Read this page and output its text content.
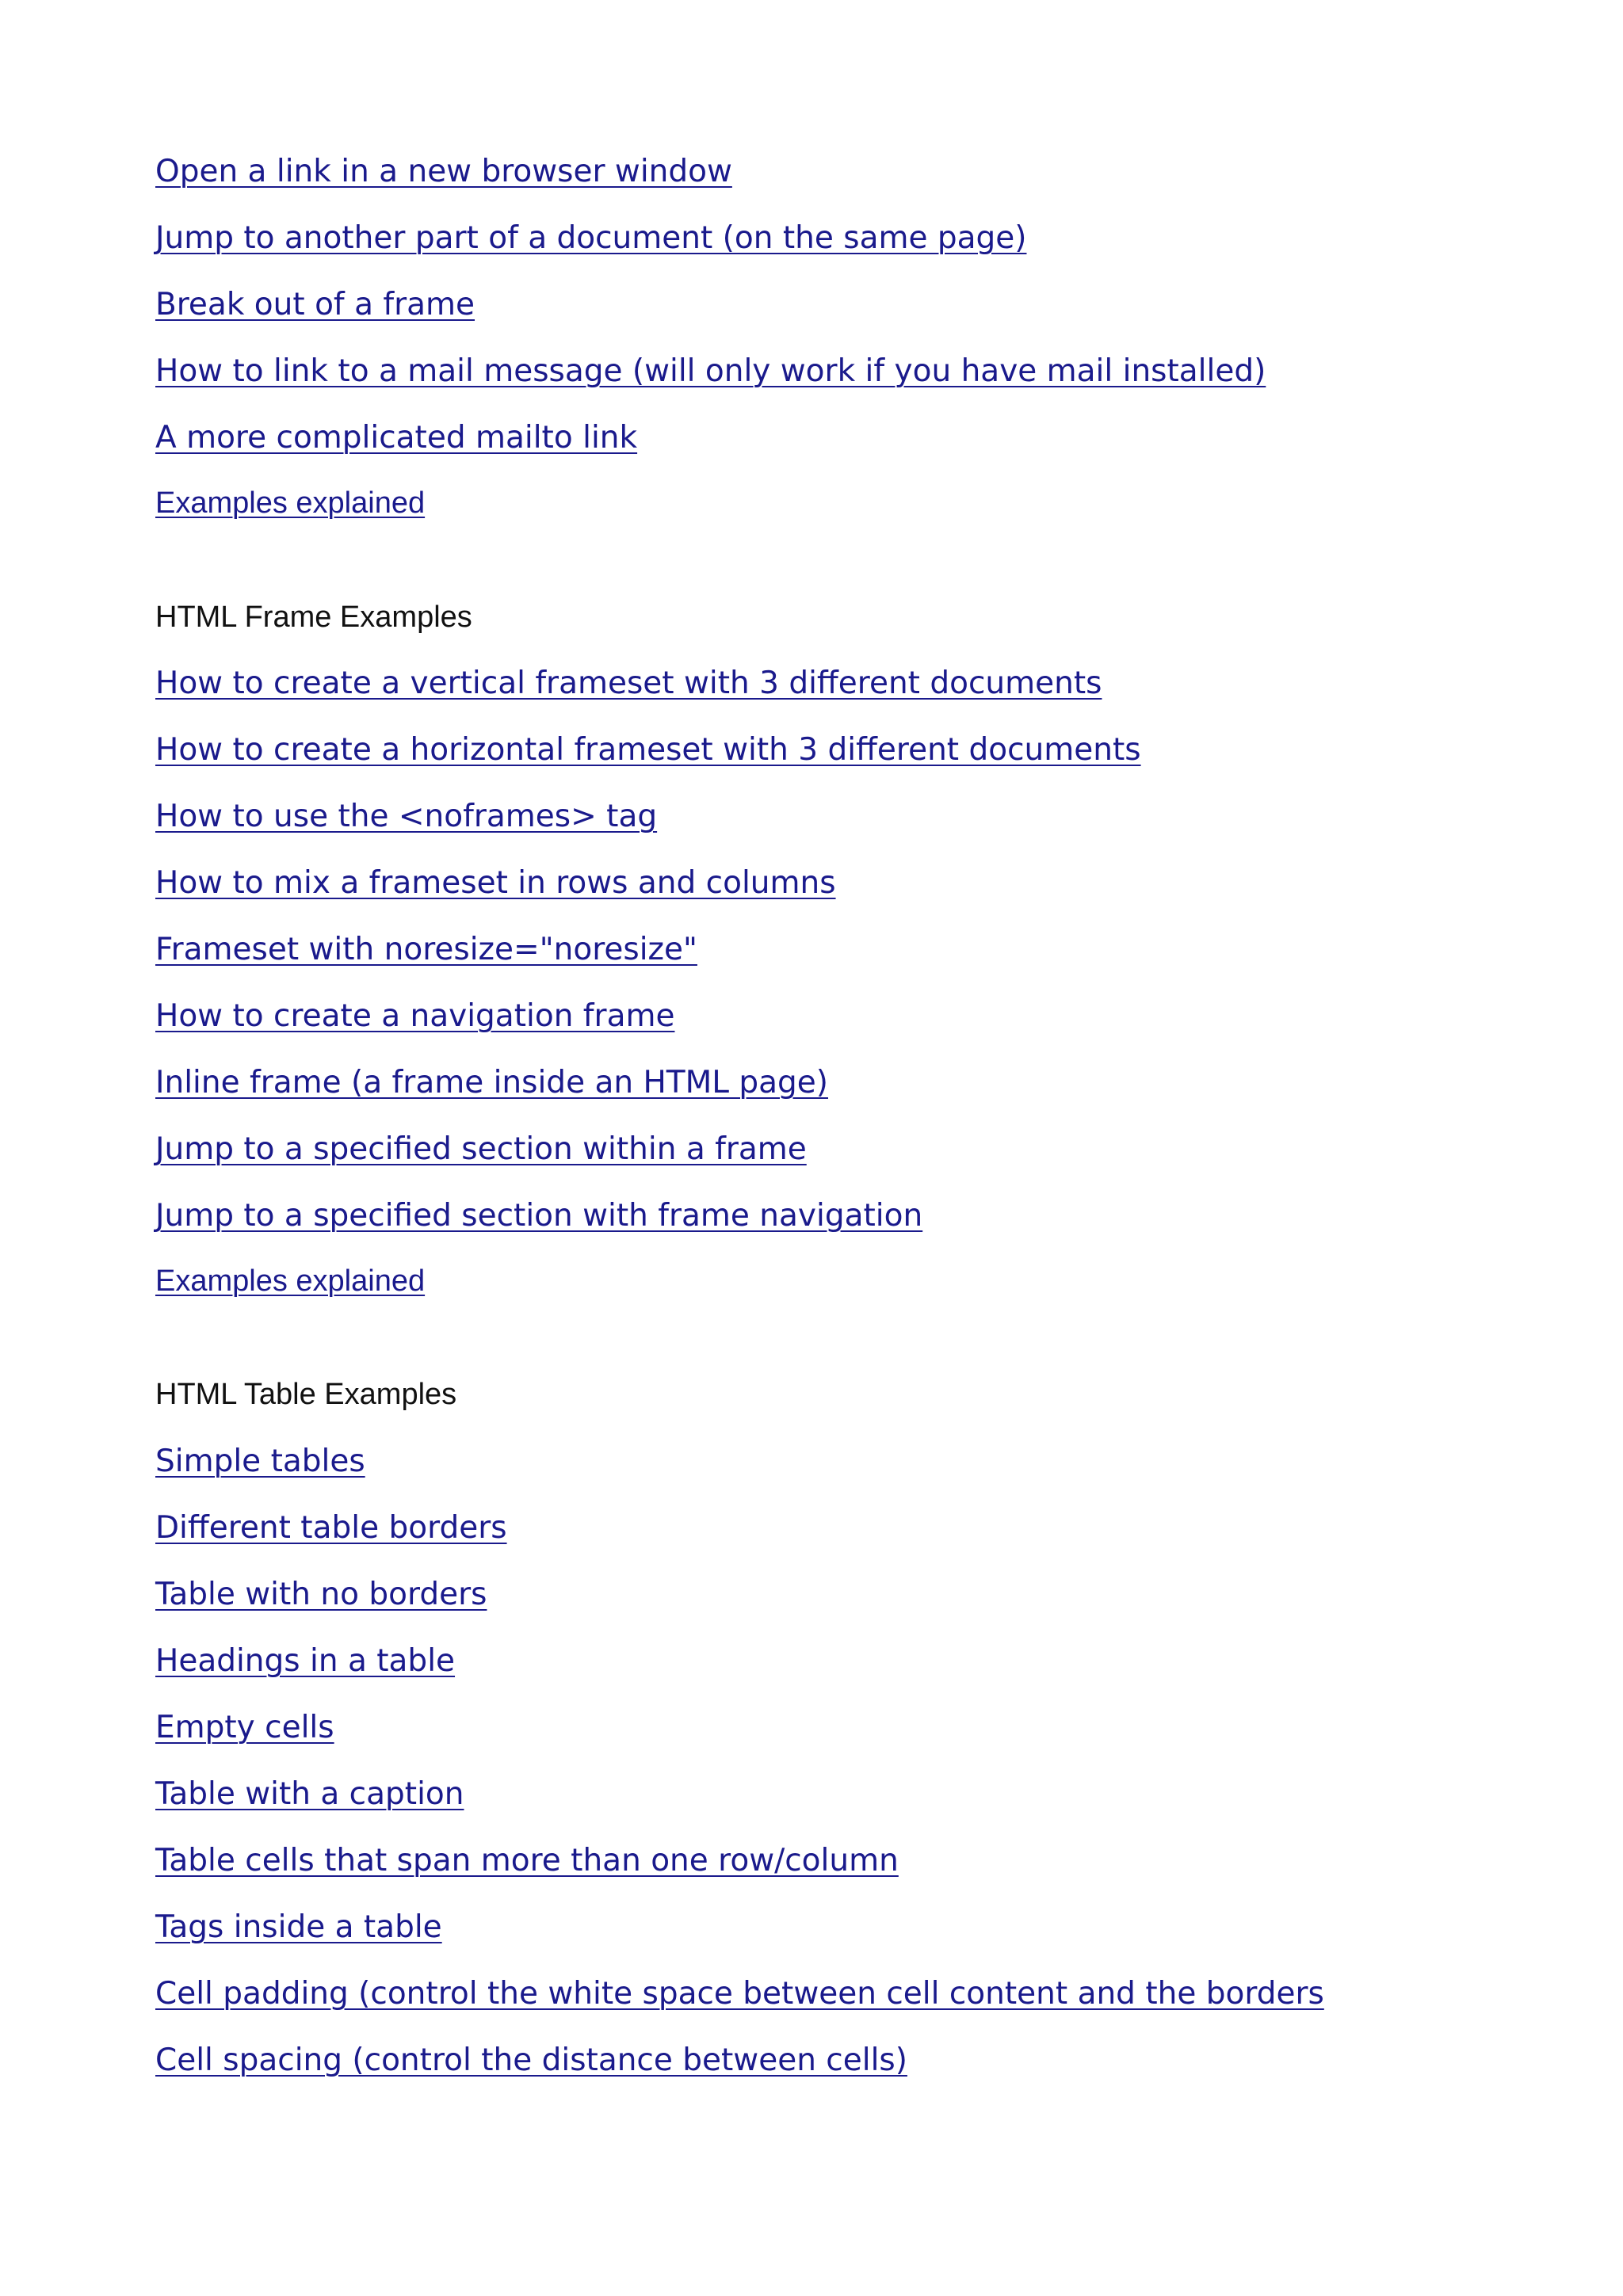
Open a link in a new browser window
Jump to another part of a document (on the same page)
Break out of a frame
How to link to a mail message (will only work if you have mail installed)
A more complicated mailto link
Examples explained
HTML Frame Examples
How to create a vertical frameset with 3 different documents
How to create a horizontal frameset with 3 different documents
How to use the <noframes> tag
How to mix a frameset in rows and columns
Frameset with noresize="noresize"
How to create a navigation frame
Inline frame (a frame inside an HTML page)
Jump to a specified section within a frame
Jump to a specified section with frame navigation
Examples explained
HTML Table Examples
Simple tables
Different table borders
Table with no borders
Headings in a table
Empty cells
Table with a caption
Table cells that span more than one row/column
Tags inside a table
Cell padding (control the white space between cell content and the borders
Cell spacing (control the distance between cells)
